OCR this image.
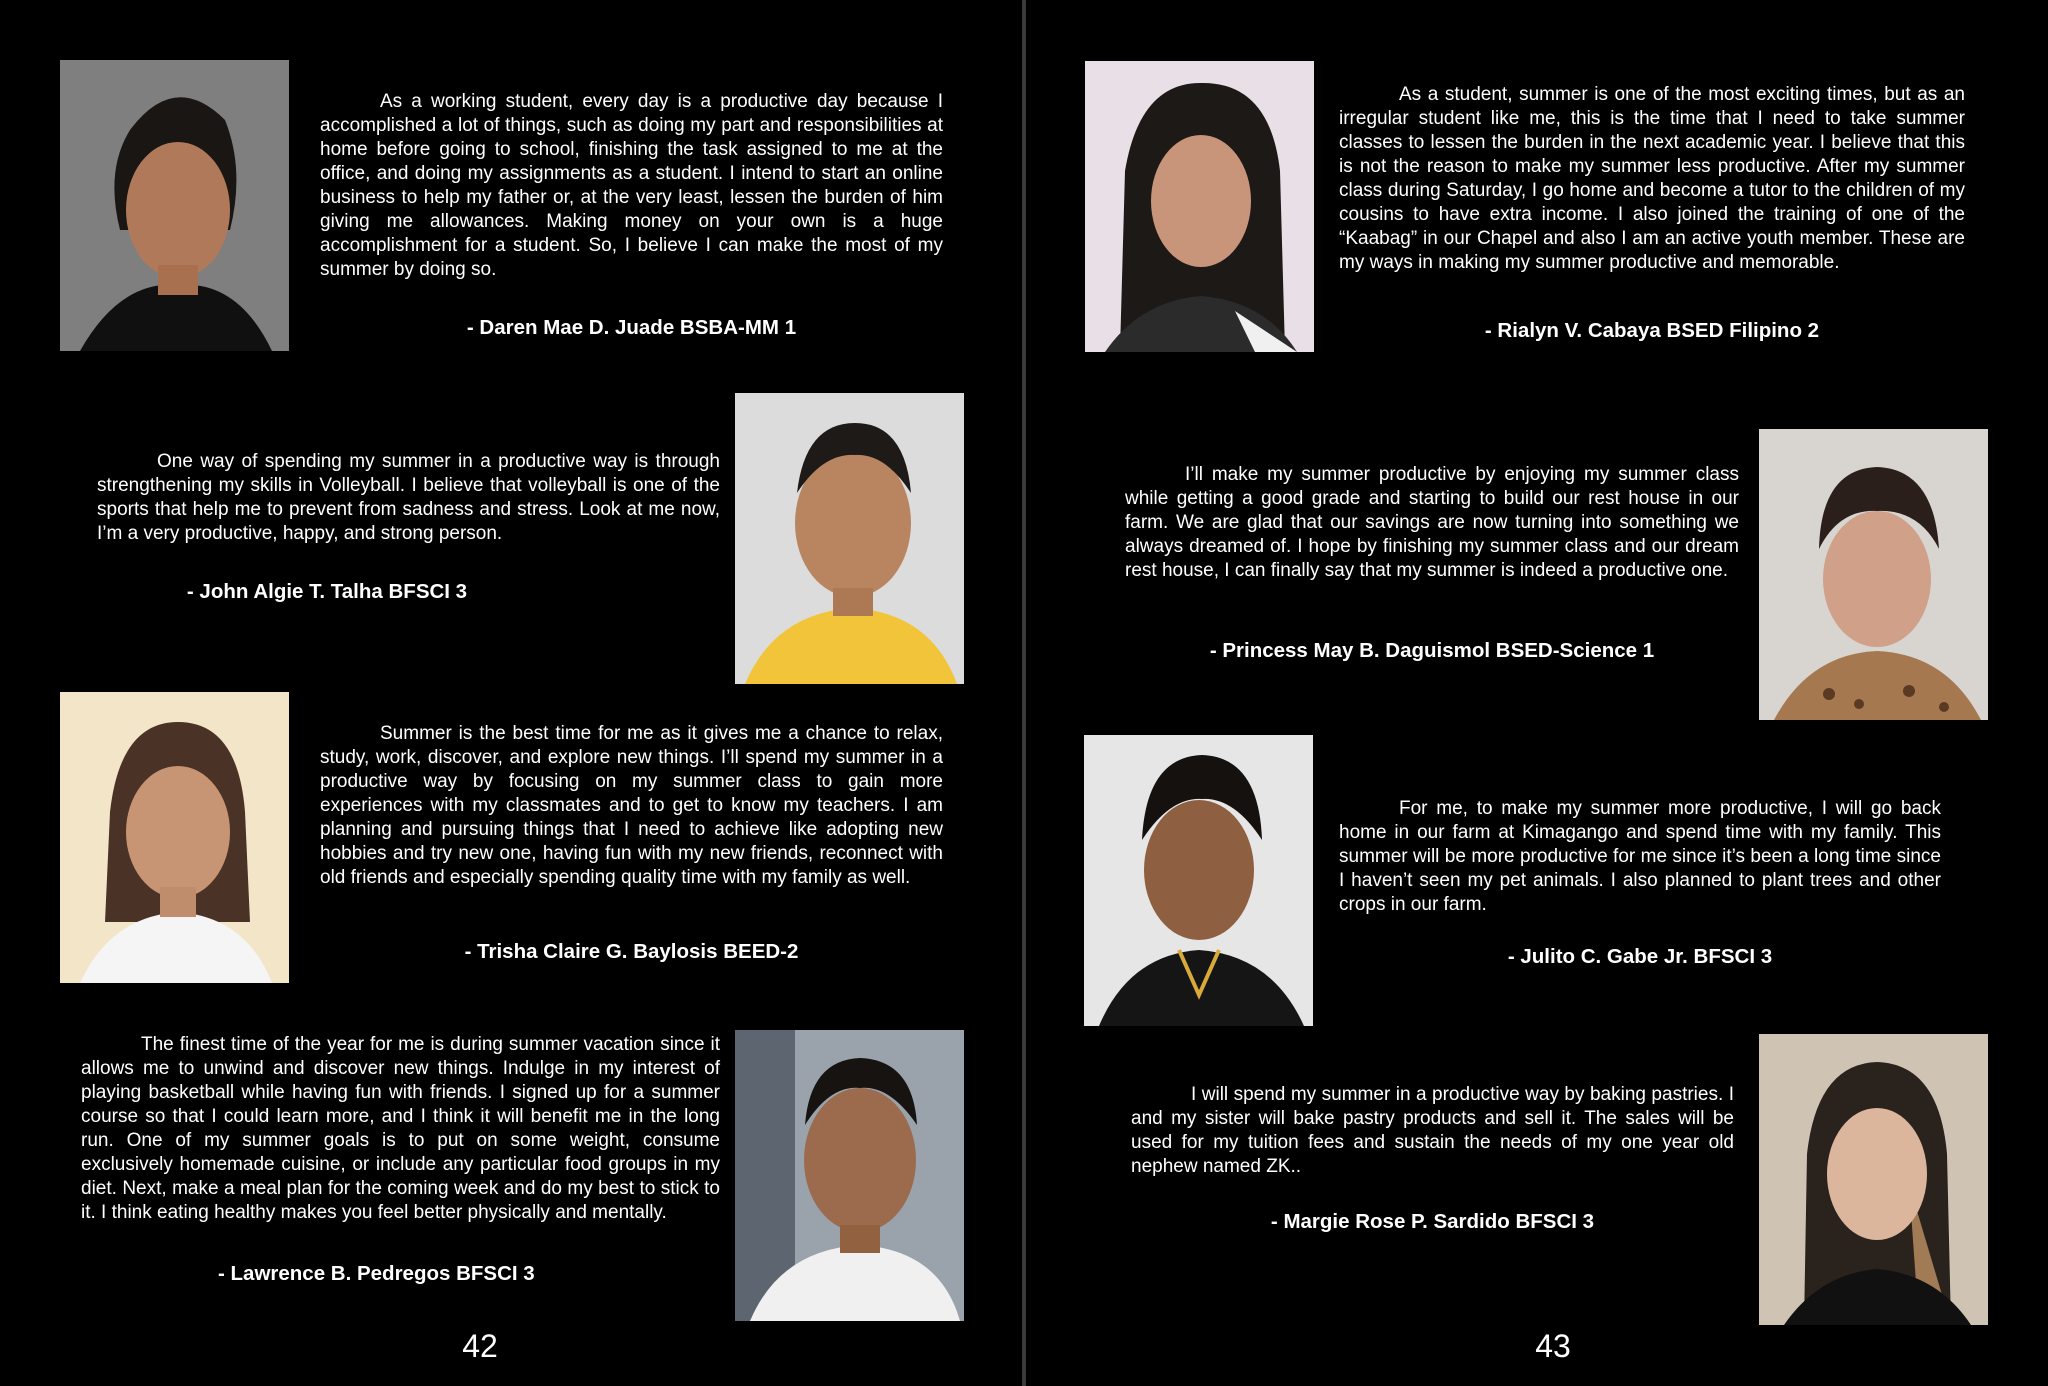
As a working student, every day is a productive day because I accomplished a lot of things, such as doing my part and responsibilities at home before going to school, finishing the task assigned to me at the office, and doing my assignments as a student. I intend to start an online business to help my father or, at the very least, lessen the burden of him giving me allowances. Making money on your own is a huge accomplishment for a student. So, I believe I can make the most of my summer by doing so.

- Daren Mae D. Juade BSBA-MM 1

One way of spending my summer in a productive way is through strengthening my skills in Volleyball. I believe that volleyball is one of the sports that help me to prevent from sadness and stress. Look at me now, I’m a very productive, happy, and strong person.

- John Algie T. Talha BFSCI 3

Summer is the best time for me as it gives me a chance to relax, study, work, discover, and explore new things. I’ll spend my summer in a productive way by focusing on my summer class to gain more experiences with my classmates and to get to know my teachers. I am planning and pursuing things that I need to achieve like adopting new hobbies and try new one, having fun with my new friends, reconnect with old friends and especially spending quality time with my family as well.

- Trisha Claire G. Baylosis BEED-2

The finest time of the year for me is during summer vacation since it allows me to unwind and discover new things. Indulge in my interest of playing basketball while having fun with friends. I signed up for a summer course so that I could learn more, and I think it will benefit me in the long run. One of my summer goals is to put on some weight, consume exclusively homemade cuisine, or include any particular food groups in my diet. Next, make a meal plan for the coming week and do my best to stick to it. I think eating healthy makes you feel better physically and mentally.

- Lawrence B. Pedregos BFSCI 3

42

As a student, summer is one of the most exciting times, but as an irregular student like me, this is the time that I need to take summer classes to lessen the burden in the next academic year. I believe that this is not the reason to make my summer less productive. After my summer class during Saturday, I go home and become a tutor to the children of my cousins to have extra income. I also joined the training of one of the “Kaabag” in our Chapel and also I am an active youth member. These are my ways in making my summer productive and memorable.

- Rialyn V. Cabaya BSED Filipino 2

I’ll make my summer productive by enjoying my summer class while getting a good grade and starting to build our rest house in our farm. We are glad that our savings are now turning into something we always dreamed of. I hope by finishing my summer class and our dream rest house, I can finally say that my summer is indeed a productive one.

- Princess May B. Daguismol BSED-Science 1

For me, to make my summer more productive, I will go back home in our farm at Kimagango and spend time with my family. This summer will be more productive for me since it’s been a long time since I haven’t seen my pet animals. I also planned to plant trees and other crops in our farm.

- Julito C. Gabe Jr. BFSCI 3

I will spend my summer in a productive way by baking pastries. I and my sister will bake pastry products and sell it. The sales will be used for my tuition fees and sustain the needs of my one year old nephew named ZK..

- Margie Rose P. Sardido BFSCI 3

43
